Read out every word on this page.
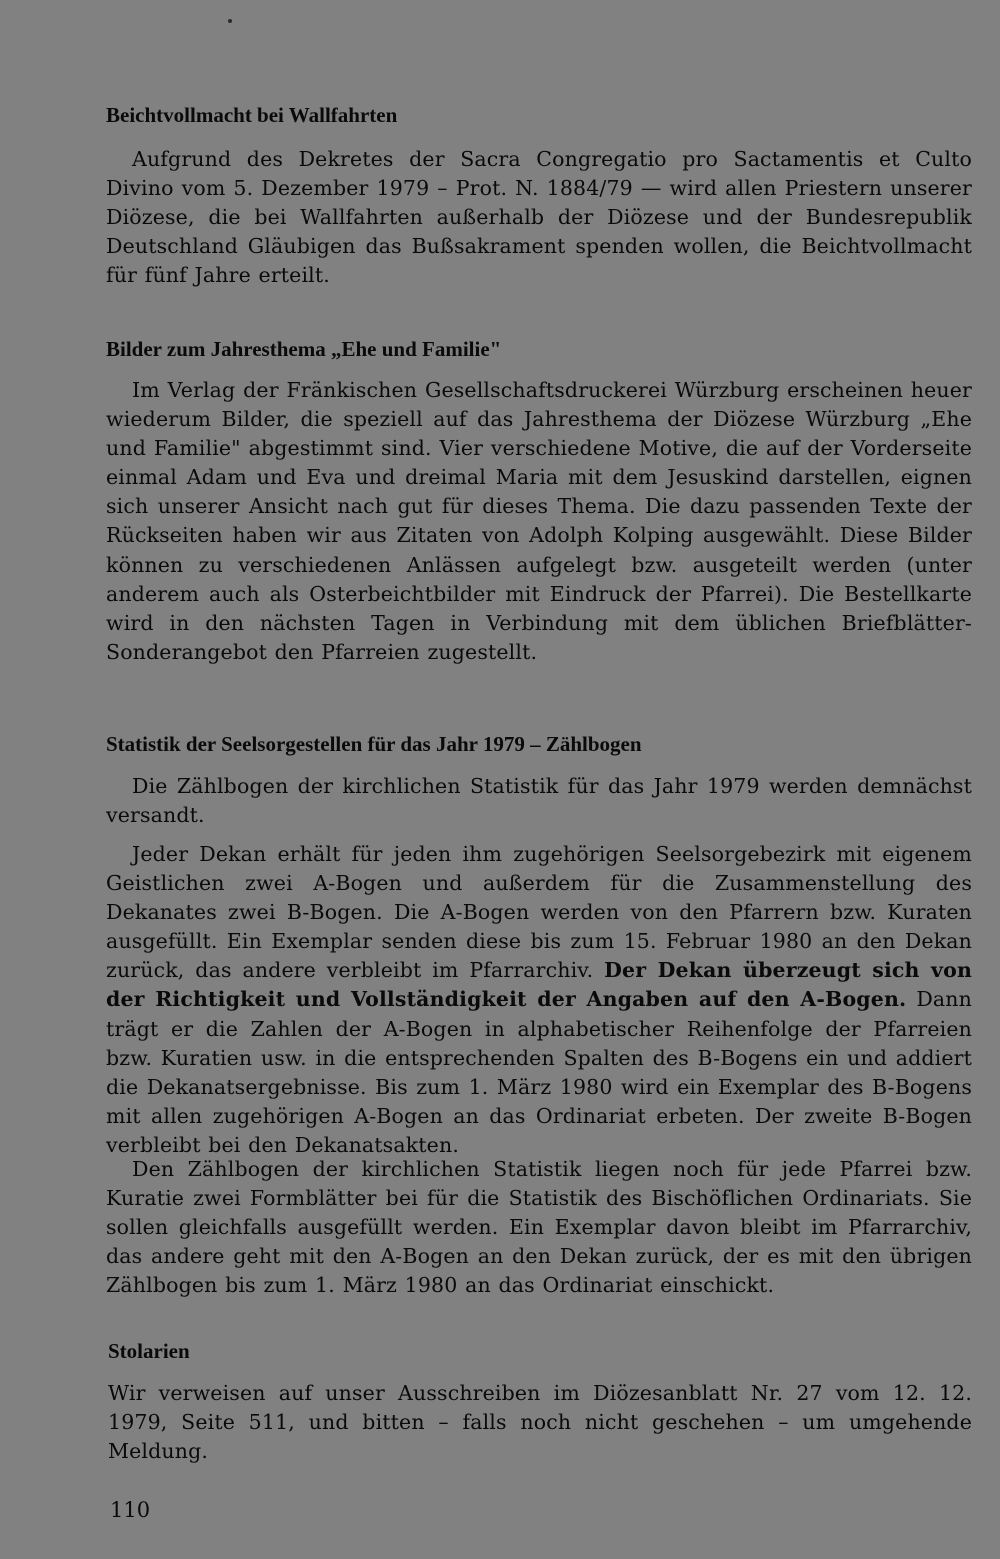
Beichtvollmacht bei Wallfahrten
Aufgrund des Dekretes der Sacra Congregatio pro Sactamentis et Culto Divino vom 5. Dezember 1979 – Prot. N. 1884/79 — wird allen Priestern unserer Diözese, die bei Wallfahrten außerhalb der Diözese und der Bundesrepublik Deutschland Gläubigen das Bußsakrament spenden wollen, die Beichtvollmacht für fünf Jahre erteilt.
Bilder zum Jahresthema „Ehe und Familie"
Im Verlag der Fränkischen Gesellschaftsdruckerei Würzburg erscheinen heuer wiederum Bilder, die speziell auf das Jahresthema der Diözese Würzburg „Ehe und Familie" abgestimmt sind. Vier verschiedene Motive, die auf der Vorderseite einmal Adam und Eva und dreimal Maria mit dem Jesuskind darstellen, eignen sich unserer Ansicht nach gut für dieses Thema. Die dazu passenden Texte der Rückseiten haben wir aus Zitaten von Adolph Kolping ausgewählt. Diese Bilder können zu verschiedenen Anlässen aufgelegt bzw. ausgeteilt werden (unter anderem auch als Osterbeichtbilder mit Eindruck der Pfarrei). Die Bestellkarte wird in den nächsten Tagen in Verbindung mit dem üblichen Briefblätter-Sonderangebot den Pfarreien zugestellt.
Statistik der Seelsorgestellen für das Jahr 1979 – Zählbogen
Die Zählbogen der kirchlichen Statistik für das Jahr 1979 werden demnächst versandt.
Jeder Dekan erhält für jeden ihm zugehörigen Seelsorgebezirk mit eigenem Geistlichen zwei A-Bogen und außerdem für die Zusammenstellung des Dekanates zwei B-Bogen. Die A-Bogen werden von den Pfarrern bzw. Kuraten ausgefüllt. Ein Exemplar senden diese bis zum 15. Februar 1980 an den Dekan zurück, das andere verbleibt im Pfarrarchiv. Der Dekan überzeugt sich von der Richtigkeit und Vollständigkeit der Angaben auf den A-Bogen. Dann trägt er die Zahlen der A-Bogen in alphabetischer Reihenfolge der Pfarreien bzw. Kuratien usw. in die entsprechenden Spalten des B-Bogens ein und addiert die Dekanatsergebnisse. Bis zum 1. März 1980 wird ein Exemplar des B-Bogens mit allen zugehörigen A-Bogen an das Ordinariat erbeten. Der zweite B-Bogen verbleibt bei den Dekanatsakten.
Den Zählbogen der kirchlichen Statistik liegen noch für jede Pfarrei bzw. Kuratie zwei Formblätter bei für die Statistik des Bischöflichen Ordinariats. Sie sollen gleichfalls ausgefüllt werden. Ein Exemplar davon bleibt im Pfarrarchiv, das andere geht mit den A-Bogen an den Dekan zurück, der es mit den übrigen Zählbogen bis zum 1. März 1980 an das Ordinariat einschickt.
Stolarien
Wir verweisen auf unser Ausschreiben im Diözesanblatt Nr. 27 vom 12. 12. 1979, Seite 511, und bitten – falls noch nicht geschehen – um umgehende Meldung.
110
